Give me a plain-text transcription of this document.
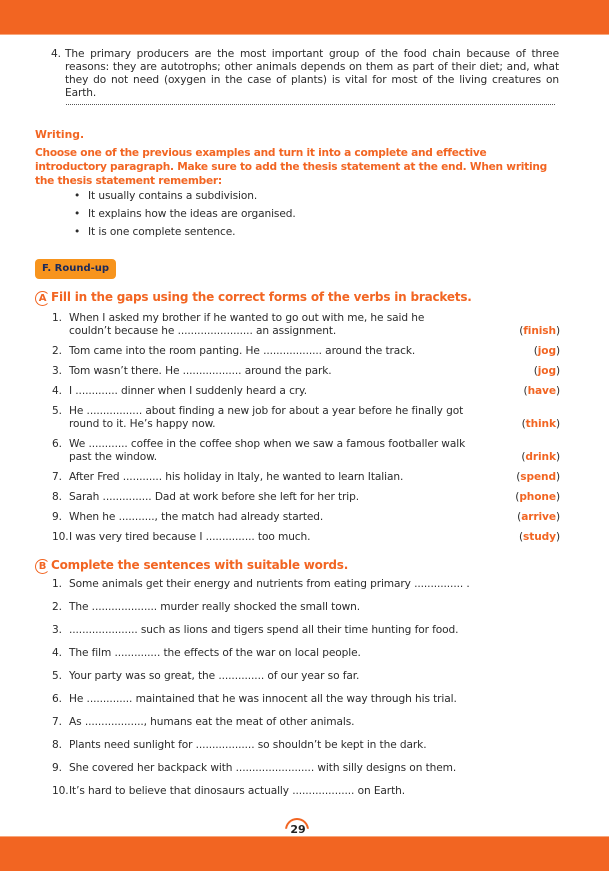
4. The primary producers are the most important group of the food chain because of three reasons: they are autotrophs; other animals depends on them as part of their diet; and, what they do not need (oxygen in the case of plants) is vital for most of the living creatures on Earth.
Writing.
Choose one of the previous examples and turn it into a complete and effective introductory paragraph. Make sure to add the thesis statement at the end. When writing the thesis statement remember:
• It usually contains a subdivision.
• It explains how the ideas are organised.
• It is one complete sentence.
F. Round-up
A Fill in the gaps using the correct forms of the verbs in brackets.
1. When I asked my brother if he wanted to go out with me, he said he couldn’t because he ....................... an assignment.	(finish)
2. Tom came into the room panting. He .................. around the track.	(jog)
3. Tom wasn’t there. He .................. around the park.	(jog)
4. I ............. dinner when I suddenly heard a cry.	(have)
5. He ................. about finding a new job for about a year before he finally got round to it. He’s happy now.	(think)
6. We ............ coffee in the coffee shop when we saw a famous footballer walk past the window.	(drink)
7. After Fred ............ his holiday in Italy, he wanted to learn Italian.	(spend)
8. Sarah ............... Dad at work before she left for her trip.	(phone)
9. When he ..........., the match had already started.	(arrive)
10. I was very tired because I ............... too much.	(study)
B Complete the sentences with suitable words.
1. Some animals get their energy and nutrients from eating primary ............... .
2. The .................... murder really shocked the small town.
3. ..................... such as lions and tigers spend all their time hunting for food.
4. The film .............. the effects of the war on local people.
5. Your party was so great, the .............. of our year so far.
6. He .............. maintained that he was innocent all the way through his trial.
7. As .................., humans eat the meat of other animals.
8. Plants need sunlight for .................. so shouldn’t be kept in the dark.
9. She covered her backpack with ........................ with silly designs on them.
10. It’s hard to believe that dinosaurs actually ................... on Earth.
29
